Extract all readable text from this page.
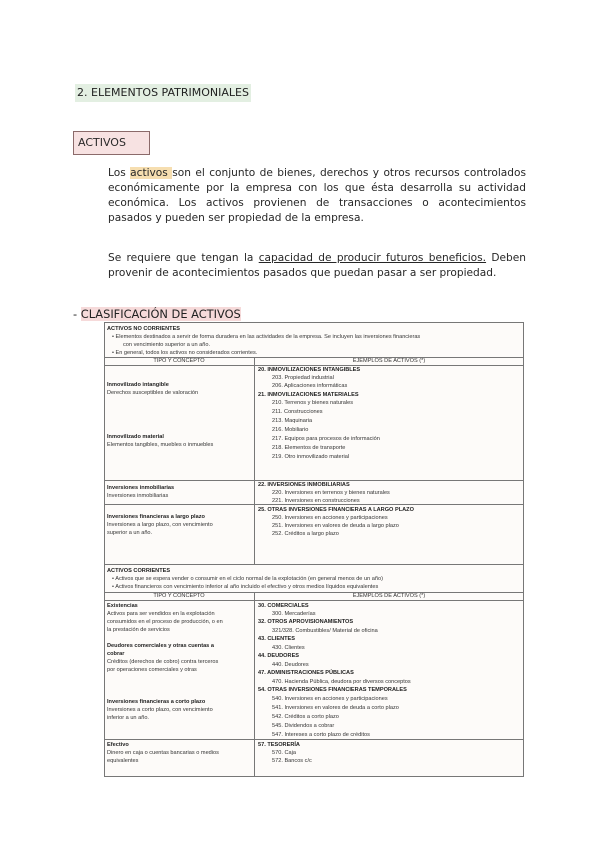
2. ELEMENTOS PATRIMONIALES
ACTIVOS

Los activos son el conjunto de bienes, derechos y otros recursos controlados económicamente por la empresa con los que ésta desarrolla su actividad económica. Los activos provienen de transacciones o acontecimientos pasados y pueden ser propiedad de la empresa.

Se requiere que tengan la capacidad de producir futuros beneficios. Deben provenir de acontecimientos pasados que puedan pasar a ser propiedad.

- CLASIFICACIÓN DE ACTIVOS
ACTIVOS NO CORRIENTES
• Elementos destinados a servir de forma duradera en las actividades de la empresa. Se incluyen las inversiones financieras
con vencimiento superior a un año.
• En general, todos los activos no considerados corrientes.
TIPO Y CONCEPTO	EJEMPLOS DE ACTIVOS (*)
Inmovilizado intangible
Derechos susceptibles de valoración
Inmovilizado material
Elementos tangibles, muebles o inmuebles
Inversiones inmobiliarias
Inversiones inmobiliarias
Inversiones financieras a largo plazo
Inversiones a largo plazo, con vencimiento
superior a un año.
20. INMOVILIZACIONES INTANGIBLES
203. Propiedad industrial
206. Aplicaciones informáticas
21. INMOVILIZACIONES MATERIALES
210. Terrenos y bienes naturales
211. Construcciones
213. Maquinaria
216. Mobiliario
217. Equipos para procesos de información
218. Elementos de transporte
219. Otro inmovilizado material
22. INVERSIONES INMOBILIARIAS
220. Inversiones en terrenos y bienes naturales
221. Inversiones en construcciones
25. OTRAS INVERSIONES FINANCIERAS A LARGO PLAZO
250. Inversiones en acciones y participaciones
251. Inversiones en valores de deuda a largo plazo
252. Créditos a largo plazo
ACTIVOS CORRIENTES
• Activos que se espera vender o consumir en el ciclo normal de la explotación (en general menos de un año)
• Activos financieros con vencimiento inferior al año incluido el efectivo y otros medios líquidos equivalentes
TIPO Y CONCEPTO	EJEMPLOS DE ACTIVOS (*)
Existencias
Activos para ser vendidos en la explotación
consumidos en el proceso de producción, o en
la prestación de servicios
Deudores comerciales y otras cuentas a
cobrar
Créditos (derechos de cobro) contra terceros
por operaciones comerciales y otras
Inversiones financieras a corto plazo
Inversiones a corto plazo, con vencimiento
inferior a un año.
Efectivo
Dinero en caja o cuentas bancarias o medios
equivalentes
30. COMERCIALES
300. Mercaderías
32. OTROS APROVISIONAMIENTOS
321/328. Combustibles/ Material de oficina
43. CLIENTES
430. Clientes
44. DEUDORES
440. Deudores
47. ADMINISTRACIONES PÚBLICAS
470. Hacienda Pública, deudora por diversos conceptos
54. OTRAS INVERSIONES FINANCIERAS TEMPORALES
540. Inversiones en acciones y participaciones
541. Inversiones en valores de deuda a corto plazo
542. Créditos a corto plazo
545. Dividendos a cobrar
547. Intereses a corto plazo de créditos
57. TESORERÍA
570. Caja
572. Bancos c/c
